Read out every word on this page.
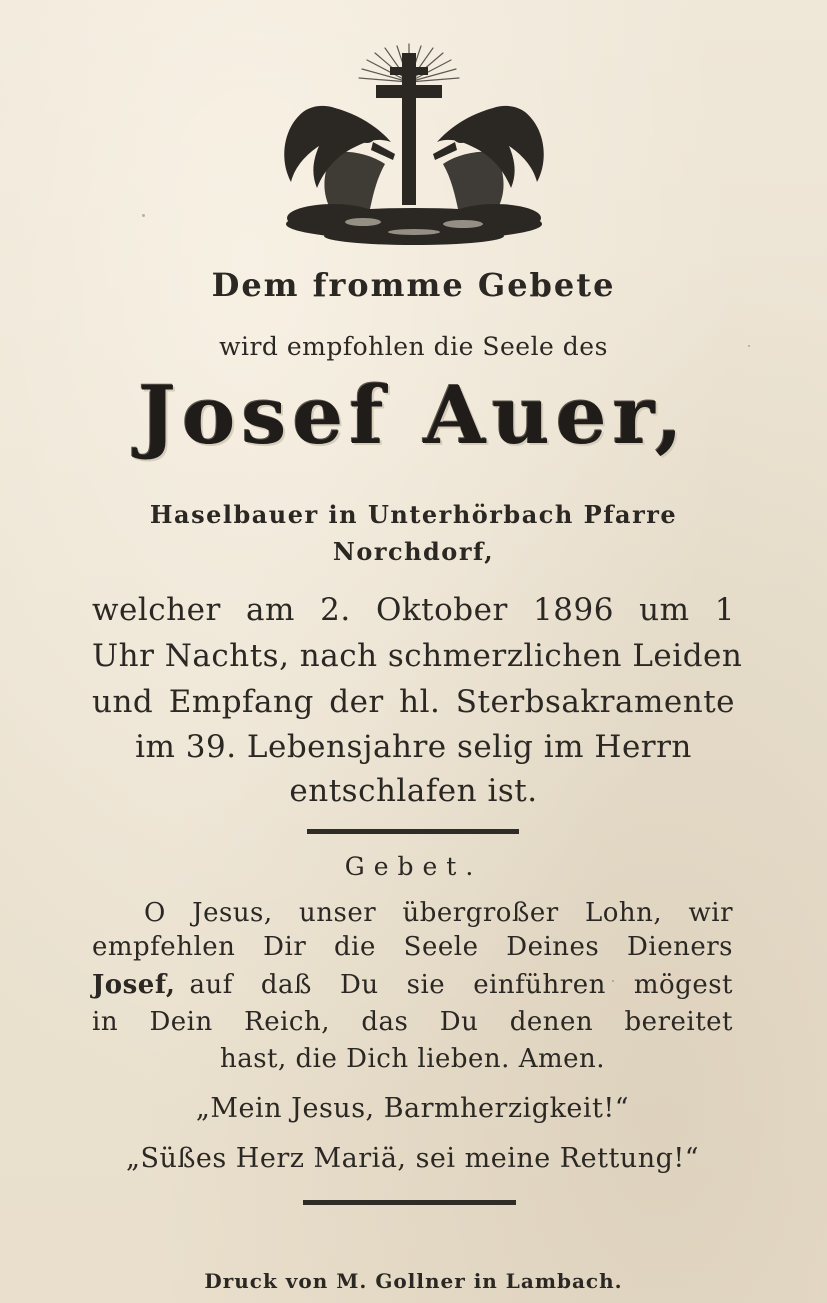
Dem fromme Gebete
wird empfohlen die Seele des
Josef Auer,
Haselbauer in Unterhörbach Pfarre
Norchdorf,
welcher am 2. Oktober 1896 um 1
Uhr Nachts, nach schmerzlichen Leiden
und Empfang der hl. Sterbsakramente
im 39. Lebensjahre selig im Herrn
entschlafen ist.
Gebet.
O Jesus, unser übergroßer Lohn, wir
empfehlen Dir die Seele Deines Dieners
Josef, auf daß Du sie einführen mögest
in Dein Reich, das Du denen bereitet
hast, die Dich lieben. Amen.
„Mein Jesus, Barmherzigkeit!“
„Süßes Herz Mariä, sei meine Rettung!“
Druck von M. Gollner in Lambach.
